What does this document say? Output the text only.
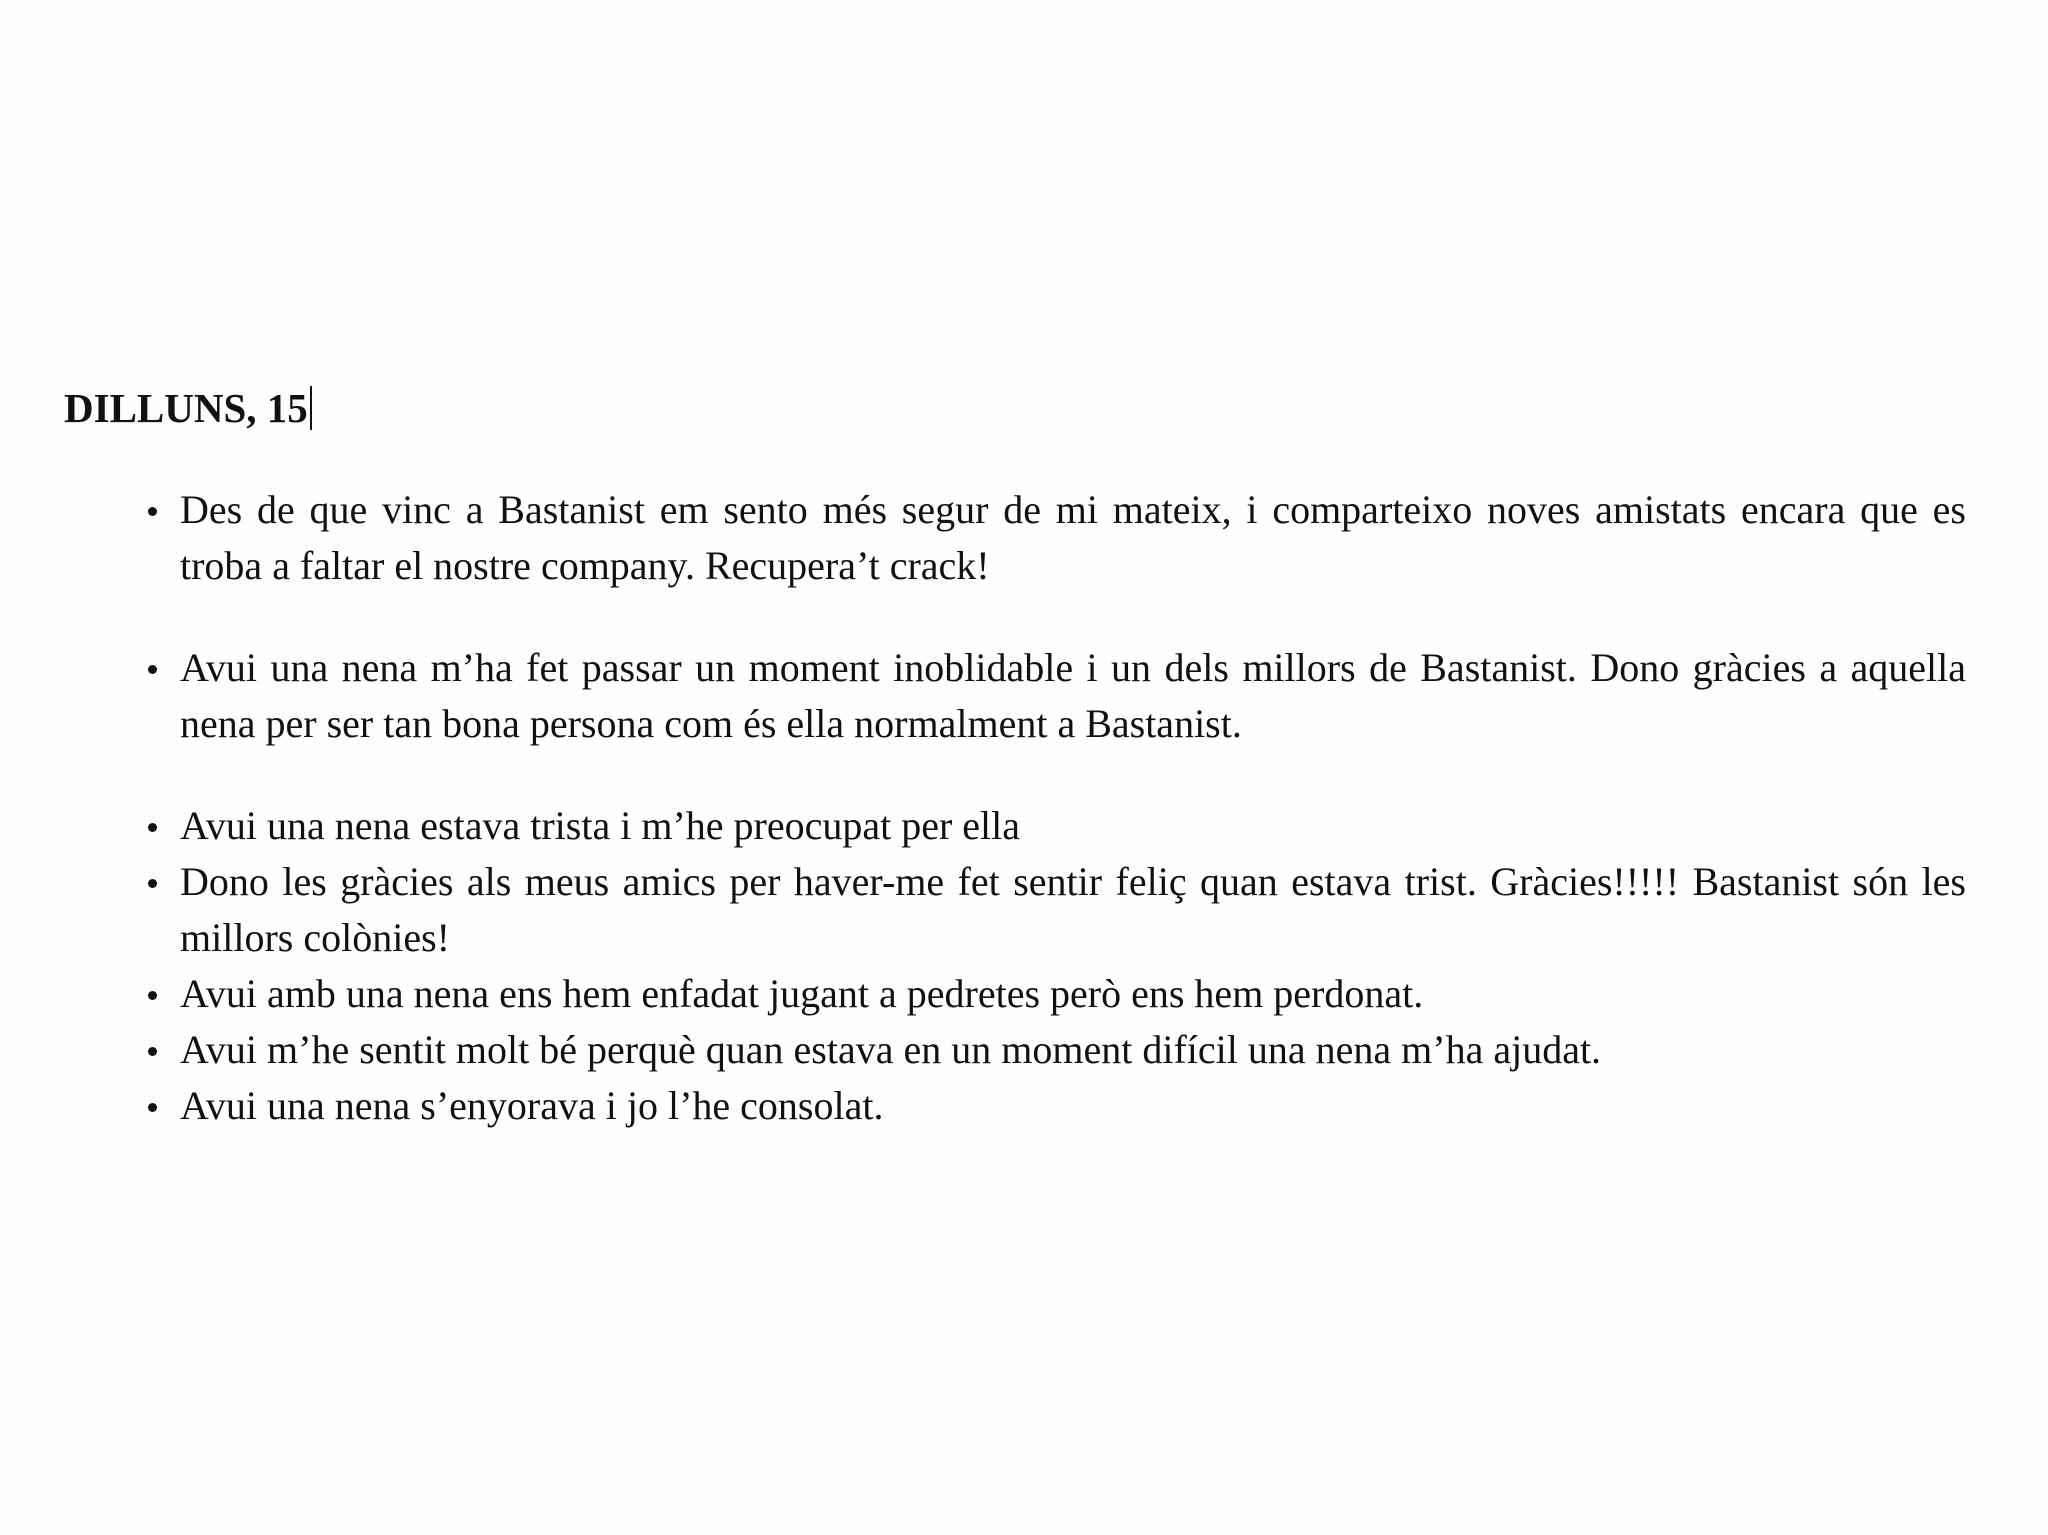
DILLUNS, 15
Des de que vinc a Bastanist em sento més segur de mi mateix, i comparteixo noves amistats encara que es troba a faltar el nostre company. Recupera’t crack!
Avui una nena m’ha fet passar un moment inoblidable i un dels millors de Bastanist. Dono gràcies a aquella nena per ser tan bona persona com és ella normalment a Bastanist.
Avui una nena estava trista i m’he preocupat per ella
Dono les gràcies als meus amics per haver-me fet sentir feliç quan estava trist. Gràcies!!!!! Bastanist són les millors colònies!
Avui amb una nena ens hem enfadat jugant a pedretes però ens hem perdonat.
Avui m’he sentit molt bé perquè quan estava en un moment difícil una nena m’ha ajudat.
Avui una nena s’enyorava i jo l’he consolat.
